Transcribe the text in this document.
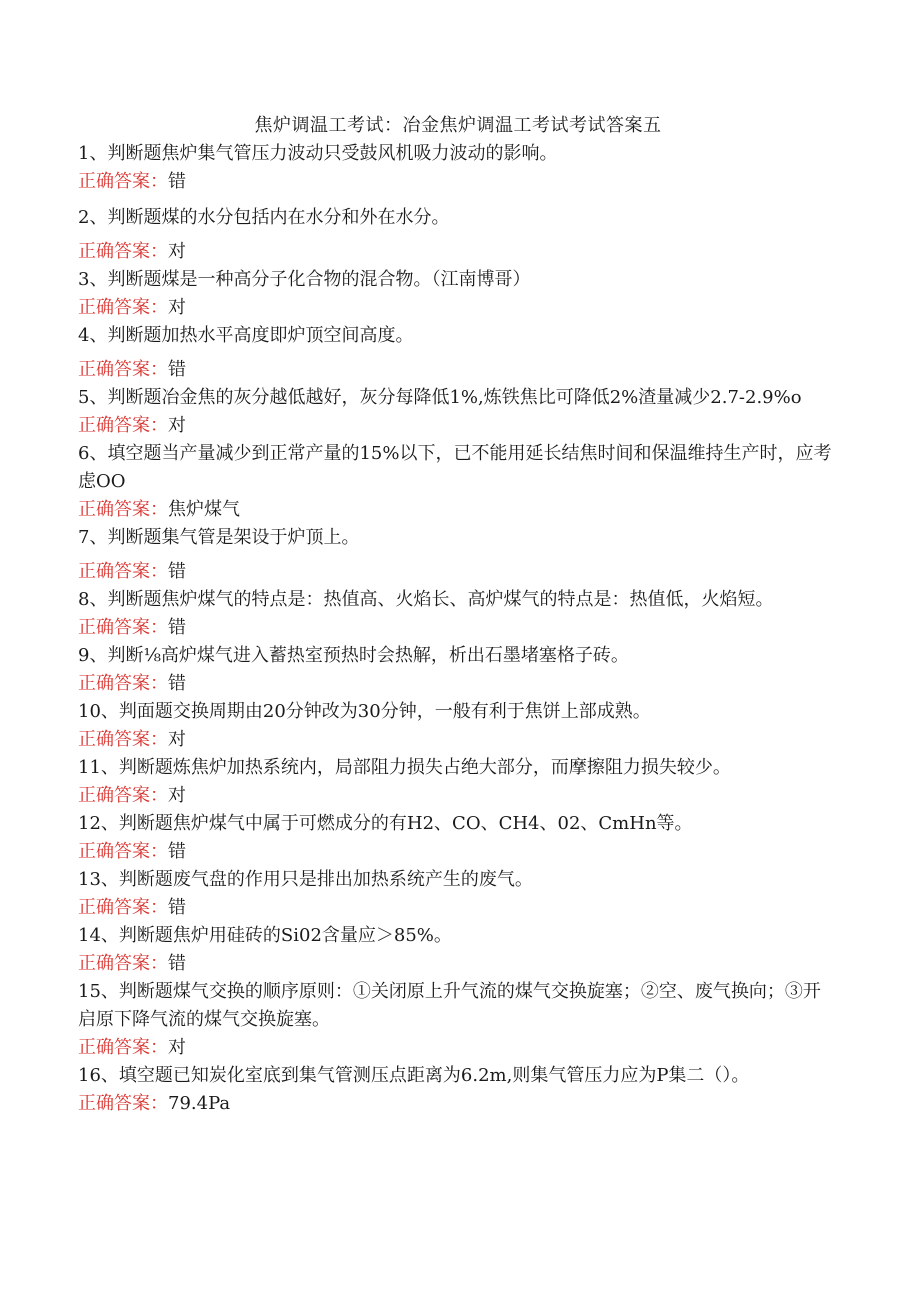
焦炉调温工考试：冶金焦炉调温工考试考试答案五
1、判断题焦炉集气管压力波动只受鼓风机吸力波动的影响。
正确答案：错
2、判断题煤的水分包括内在水分和外在水分。
正确答案：对
3、判断题煤是一种高分子化合物的混合物。（江南博哥）
正确答案：对
4、判断题加热水平高度即炉顶空间高度。
正确答案：错
5、判断题冶金焦的灰分越低越好，灰分每降低1%,炼铁焦比可降低2%渣量减少2.7-2.9%o
正确答案：对
6、填空题当产量减少到正常产量的15%以下，已不能用延长结焦时间和保温维持生产时，应考虑OO
正确答案：焦炉煤气
7、判断题集气管是架设于炉顶上。
正确答案：错
8、判断题焦炉煤气的特点是：热值高、火焰长、高炉煤气的特点是：热值低，火焰短。
正确答案：错
9、判断⅛高炉煤气进入蓄热室预热时会热解，析出石墨堵塞格子砖。
正确答案：错
10、判面题交换周期由20分钟改为30分钟，一般有利于焦饼上部成熟。
正确答案：对
11、判断题炼焦炉加热系统内，局部阻力损失占绝大部分，而摩擦阻力损失较少。
正确答案：对
12、判断题焦炉煤气中属于可燃成分的有H2、CO、CH4、02、CmHn等。
正确答案：错
13、判断题废气盘的作用只是排出加热系统产生的废气。
正确答案：错
14、判断题焦炉用硅砖的Si02含量应＞85%。
正确答案：错
15、判断题煤气交换的顺序原则：①关闭原上升气流的煤气交换旋塞；②空、废气换向；③开启原下降气流的煤气交换旋塞。
正确答案：对
16、填空题已知炭化室底到集气管测压点距离为6.2m,则集气管压力应为P集二（）。
正确答案：79.4Pa
